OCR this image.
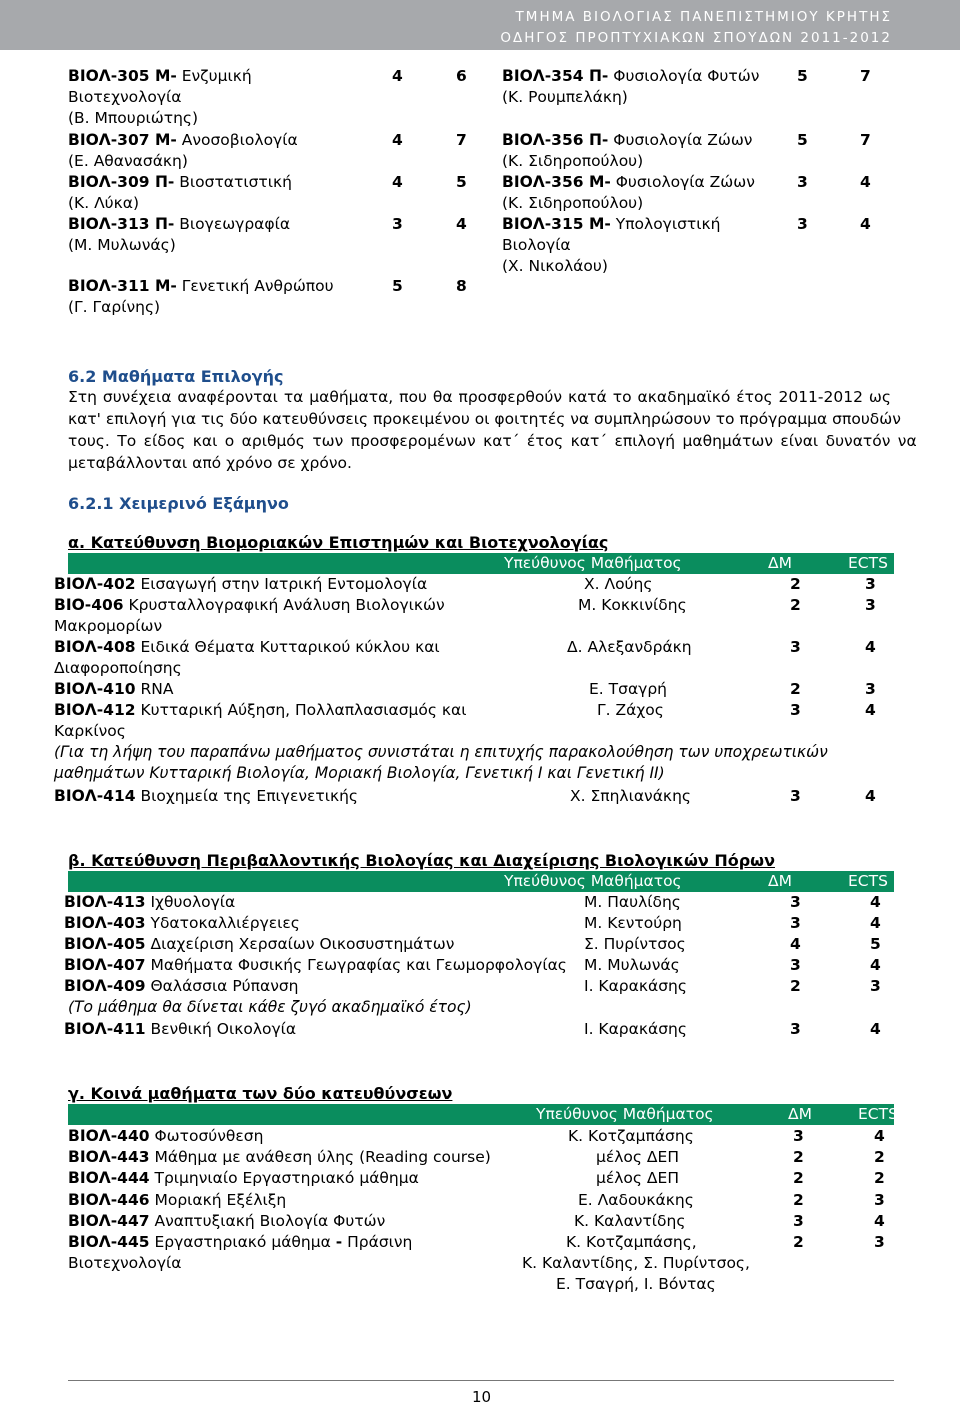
ΤΜΗΜΑ ΒΙΟΛΟΓΙΑΣ ΠΑΝΕΠΙΣΤΗΜΙΟΥ ΚΡΗΤΗΣ
ΟΔΗΓΟΣ ΠΡΟΠΤΥΧΙΑΚΩΝ ΣΠΟΥΔΩΝ 2011-2012
ΒΙΟΛ-305 Μ- Ενζυμική
Βιοτεχνολογία
(Β. Μπουριώτης)
4	6
ΒΙΟΛ-307 Μ- Ανοσοβιολογία
(Ε. Αθανασάκη)
4	7
ΒΙΟΛ-309 Π- Βιοστατιστική
(Κ. Λύκα)
4	5
ΒΙΟΛ-313 Π- Βιογεωγραφία
(Μ. Μυλωνάς)
3	4
ΒΙΟΛ-311 Μ- Γενετική Ανθρώπου
(Γ. Γαρίνης)
5	8
ΒΙΟΛ-354 Π- Φυσιολογία Φυτών
(Κ. Ρουμπελάκη)
5	7
ΒΙΟΛ-356 Π- Φυσιολογία Ζώων
(Κ. Σιδηροπούλου)
5	7
ΒΙΟΛ-356 Μ- Φυσιολογία Ζώων
(Κ. Σιδηροπούλου)
3	4
ΒΙΟΛ-315 Μ- Υπολογιστική
Βιολογία
(Χ. Νικολάου)
3	4
6.2 Μαθήματα Επιλογής
Στη συνέχεια αναφέρονται τα μαθήματα, που θα προσφερθούν κατά το ακαδημαϊκό έτος 2011-2012 ως
κατ' επιλογή για τις δύο κατευθύνσεις προκειμένου οι φοιτητές να συμπληρώσουν το πρόγραμμα σπουδών
τους. Το είδος και ο αριθμός των προσφερομένων κατ΄ έτος κατ΄ επιλογή μαθημάτων είναι δυνατόν να
μεταβάλλονται από χρόνο σε χρόνο.
6.2.1 Χειμερινό Εξάμηνο
α. Κατεύθυνση Βιομοριακών Επιστημών και Βιοτεχνολογίας
Υπεύθυνος Μαθήματος	ΔΜ	ECTS
ΒΙΟΛ-402 Εισαγωγή στην Ιατρική Εντομολογία	Χ. Λούης	2	3
ΒΙΟ-406 Κρυσταλλογραφική Ανάλυση Βιολογικών
Μακρομορίων
Μ. Κοκκινίδης	2	3
ΒΙΟΛ-408 Ειδικά Θέματα Κυτταρικού κύκλου και
Διαφοροποίησης
Δ. Αλεξανδράκη	3	4
ΒΙΟΛ-410 RNA	Ε. Τσαγρή	2	3
ΒΙΟΛ-412 Κυτταρική Αύξηση, Πολλαπλασιασμός και
Καρκίνος
Γ. Ζάχος	3	4
(Για τη λήψη του παραπάνω μαθήματος συνιστάται η επιτυχής παρακολούθηση των υποχρεωτικών
μαθημάτων Κυτταρική Βιολογία, Μοριακή Βιολογία, Γενετική Ι και Γενετική ΙΙ)
ΒΙΟΛ-414 Βιοχημεία της Επιγενετικής	Χ. Σπηλιανάκης	3	4
β. Κατεύθυνση Περιβαλλοντικής Βιολογίας και Διαχείρισης Βιολογικών Πόρων
Υπεύθυνος Μαθήματος	ΔΜ	ECTS
ΒΙΟΛ-413 Ιχθυολογία	Μ. Παυλίδης	3	4
ΒΙΟΛ-403 Υδατοκαλλιέργειες	Μ. Κεντούρη	3	4
ΒΙΟΛ-405 Διαχείριση Χερσαίων Οικοσυστημάτων	Σ. Πυρίντσος	4	5
ΒΙΟΛ-407 Μαθήματα Φυσικής Γεωγραφίας και Γεωμορφολογίας Μ. Μυλωνάς	3	4
ΒΙΟΛ-409 Θαλάσσια Ρύπανση	Ι. Καρακάσης	2	3
(Το μάθημα θα δίνεται κάθε ζυγό ακαδημαϊκό έτος)
ΒΙΟΛ-411 Βενθική Οικολογία	Ι. Καρακάσης	3	4
γ. Κοινά μαθήματα των δύο κατευθύνσεων
Υπεύθυνος Μαθήματος	ΔΜ	ECTS
ΒΙΟΛ-440 Φωτοσύνθεση	Κ. Κοτζαμπάσης	3	4
ΒΙΟΛ-443 Μάθημα με ανάθεση ύλης (Reading course)	μέλος ΔΕΠ	2	2
ΒΙΟΛ-444 Τριμηνιαίο Εργαστηριακό μάθημα	μέλος ΔΕΠ	2	2
ΒΙΟΛ-446 Μοριακή Εξέλιξη	Ε. Λαδουκάκης	2	3
ΒΙΟΛ-447 Αναπτυξιακή Βιολογία Φυτών	Κ. Καλαντίδης	3	4
ΒΙΟΛ-445 Εργαστηριακό μάθημα - Πράσινη
Βιοτεχνολογία
Κ. Κοτζαμπάσης,
Κ. Καλαντίδης, Σ. Πυρίντσος,
Ε. Τσαγρή, Ι. Βόντας
2	3
10
